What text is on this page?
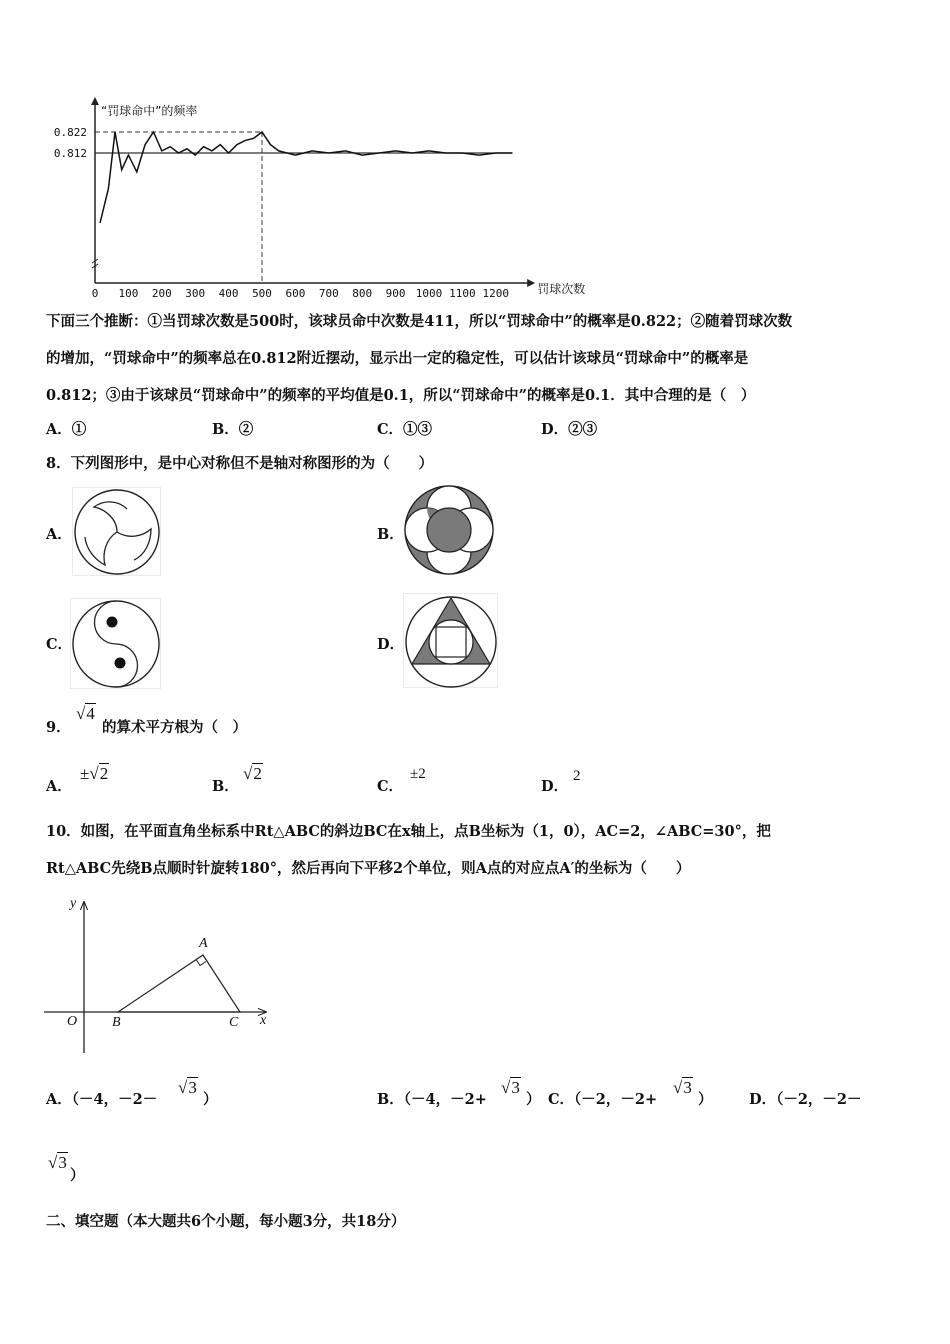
0 100 200 300 400 500 600 700 800 900 1000 1100 1200
0.822
0.812
“罚球命中”的频率
罚球次数
下面三个推断：①当罚球次数是500时，该球员命中次数是411，所以“罚球命中”的概率是0.822；②随着罚球次数
的增加，“罚球命中”的频率总在0.812附近摆动，显示出一定的稳定性，可以估计该球员“罚球命中”的概率是
0.812；③由于该球员“罚球命中”的频率的平均值是0.1，所以“罚球命中”的概率是0.1．其中合理的是（　）
A．①	B．②	C．①③	D．②③
8．下列图形中，是中心对称但不是轴对称图形的为（　　）
A．	B．
C．	D．
9．
√4
的算术平方根为（　）
A．
±√2
B．
√2
C．
±2
D．
2
10．如图，在平面直角坐标系中Rt△ABC的斜边BC在x轴上，点B坐标为（1，0），AC=2，∠ABC=30°，把
Rt△ABC先绕B点顺时针旋转180°，然后再向下平移2个单位，则A点的对应点A′的坐标为（　　）
y
x
O
A
B	C
A．（－4，－2－
√3
）	B．（－4，－2+
√3
） C．（－2，－2+
√3
）	D．（－2，－2－
√3
）
二、填空题（本大题共6个小题，每小题3分，共18分）
